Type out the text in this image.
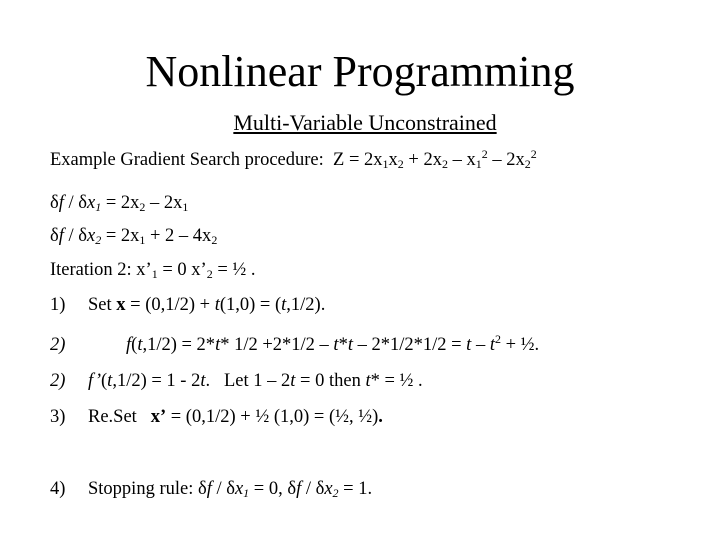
Nonlinear Programming
Multi-Variable Unconstrained
Example Gradient Search procedure: $Z = 2x_1x_2 + 2x_2 - x_1^2 - 2x_2^2$
$\delta f / \delta x_1 = 2x_2 - 2x_1$
$\delta f / \delta x_2 = 2x_1 + 2 - 4x_2$
Iteration 2: $x’_1 = 0$ $x’_2$ = ½ .
1) Set x = (0,1/2) + t(1,0) = (t,1/2).
2)	f(t,1/2) = 2*t* $1/2 +2*1/2 - t*t - 2*1/2*1/2 = t - t^2$ + ½.
2) f’(t,1/2) = 1 - 2t.   Let 1 – 2t = 0 then t* = ½ .
3) Re.Set   x’ = (0,1/2) + ½ (1,0) = (½, ½).
4) Stopping rule: $\delta f / \delta x_1 = 0$, $\delta f / \delta x_2 = 1$.
